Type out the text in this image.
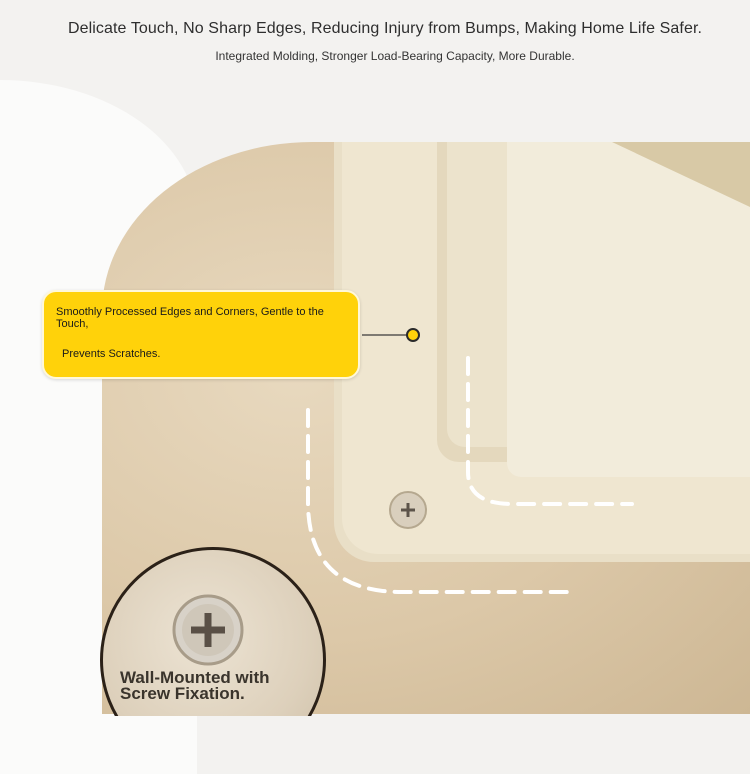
Delicate Touch, No Sharp Edges, Reducing Injury from Bumps, Making Home Life Safer.
Integrated Molding, Stronger Load-Bearing Capacity, More Durable.
Smoothly Processed Edges and Corners, Gentle to the Touch,
Prevents Scratches.
Wall-Mounted with
Screw Fixation.
